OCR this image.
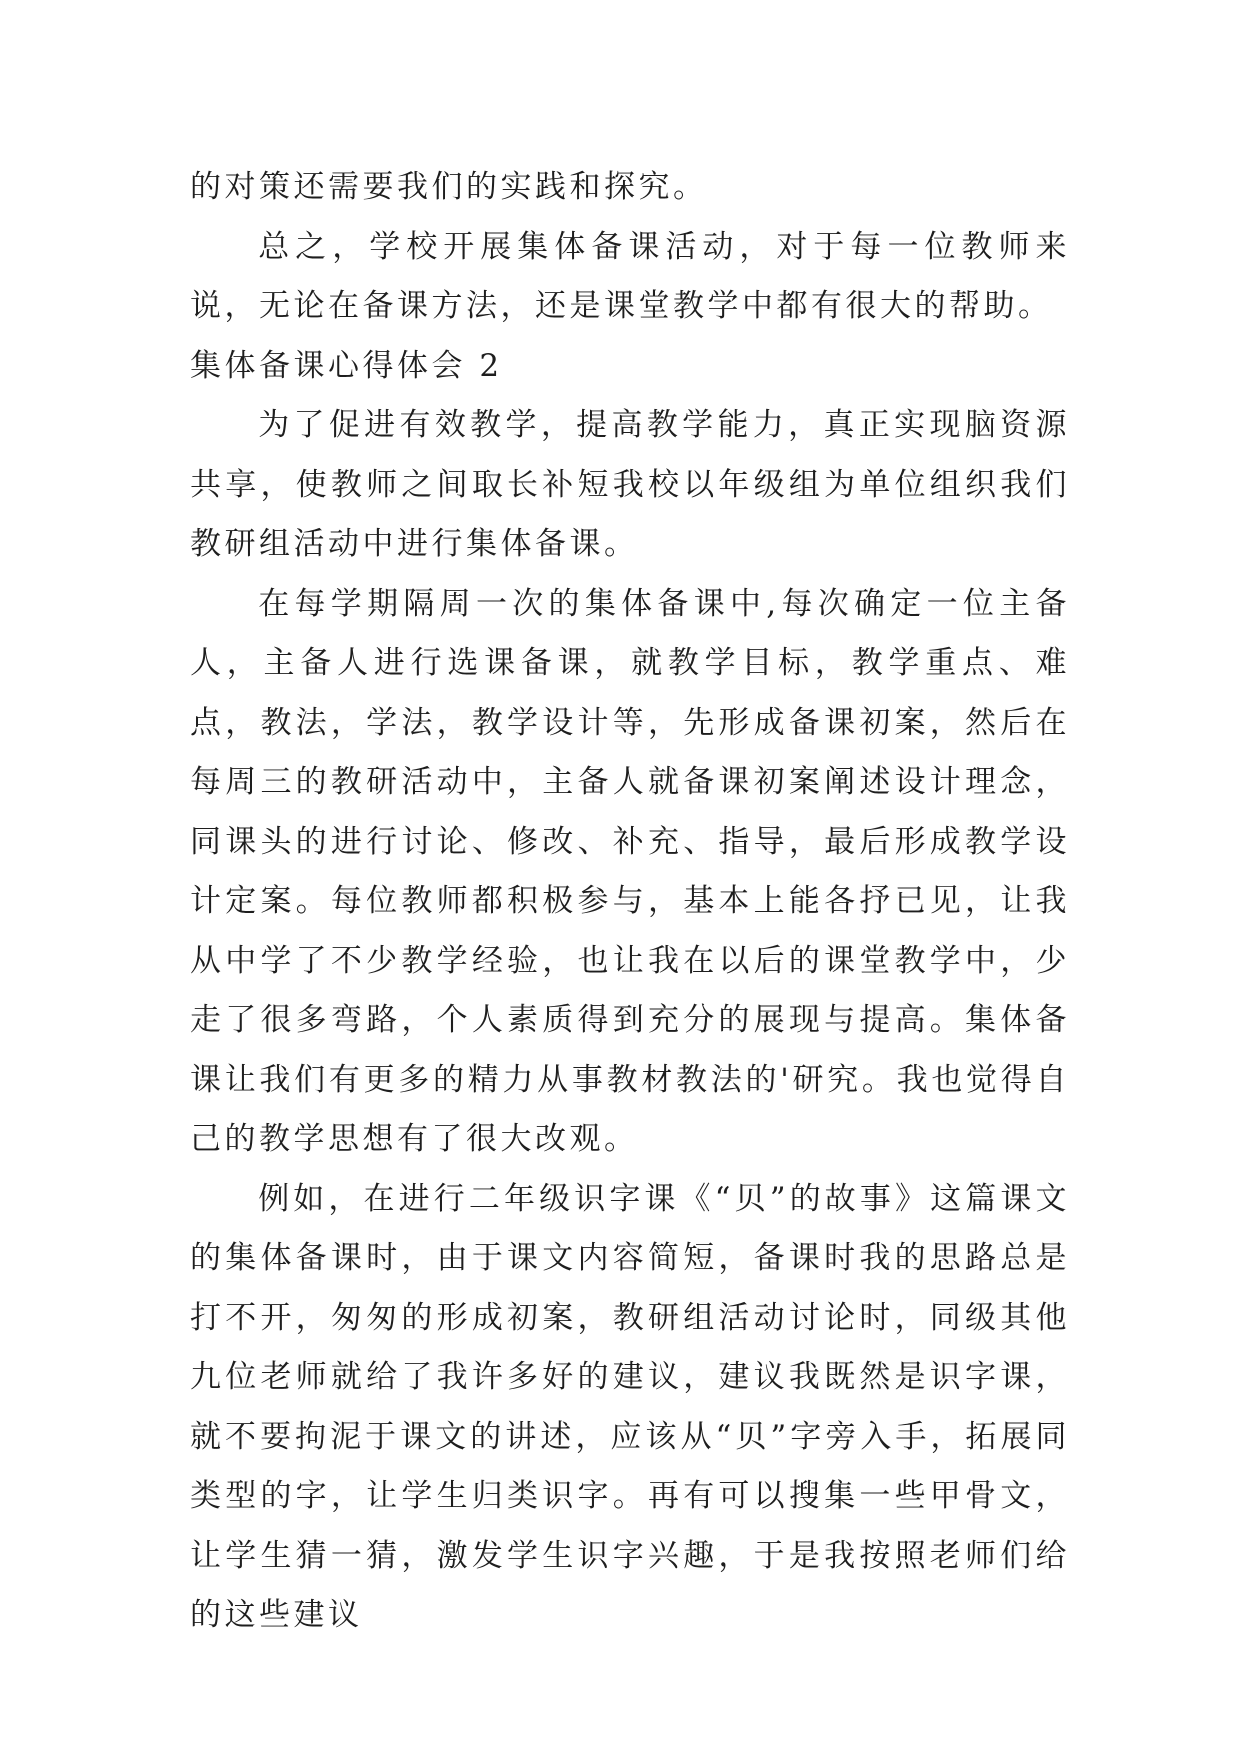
的对策还需要我们的实践和探究。

总之，学校开展集体备课活动，对于每一位教师来说，无论在备课方法，还是课堂教学中都有很大的帮助。

集体备课心得体会 2

为了促进有效教学，提高教学能力，真正实现脑资源共享，使教师之间取长补短我校以年级组为单位组织我们教研组活动中进行集体备课。

在每学期隔周一次的集体备课中,每次确定一位主备人，主备人进行选课备课，就教学目标，教学重点、难点，教法，学法，教学设计等，先形成备课初案，然后在每周三的教研活动中，主备人就备课初案阐述设计理念，同课头的进行讨论、修改、补充、指导，最后形成教学设计定案。每位教师都积极参与，基本上能各抒已见，让我从中学了不少教学经验，也让我在以后的课堂教学中，少走了很多弯路，个人素质得到充分的展现与提高。集体备课让我们有更多的精力从事教材教法的'研究。我也觉得自己的教学思想有了很大改观。

例如，在进行二年级识字课《“贝”的故事》这篇课文的集体备课时，由于课文内容简短，备课时我的思路总是打不开，匆匆的形成初案，教研组活动讨论时，同级其他九位老师就给了我许多好的建议，建议我既然是识字课，就不要拘泥于课文的讲述，应该从“贝”字旁入手，拓展同类型的字，让学生归类识字。再有可以搜集一些甲骨文，让学生猜一猜，激发学生识字兴趣，于是我按照老师们给的这些建议
